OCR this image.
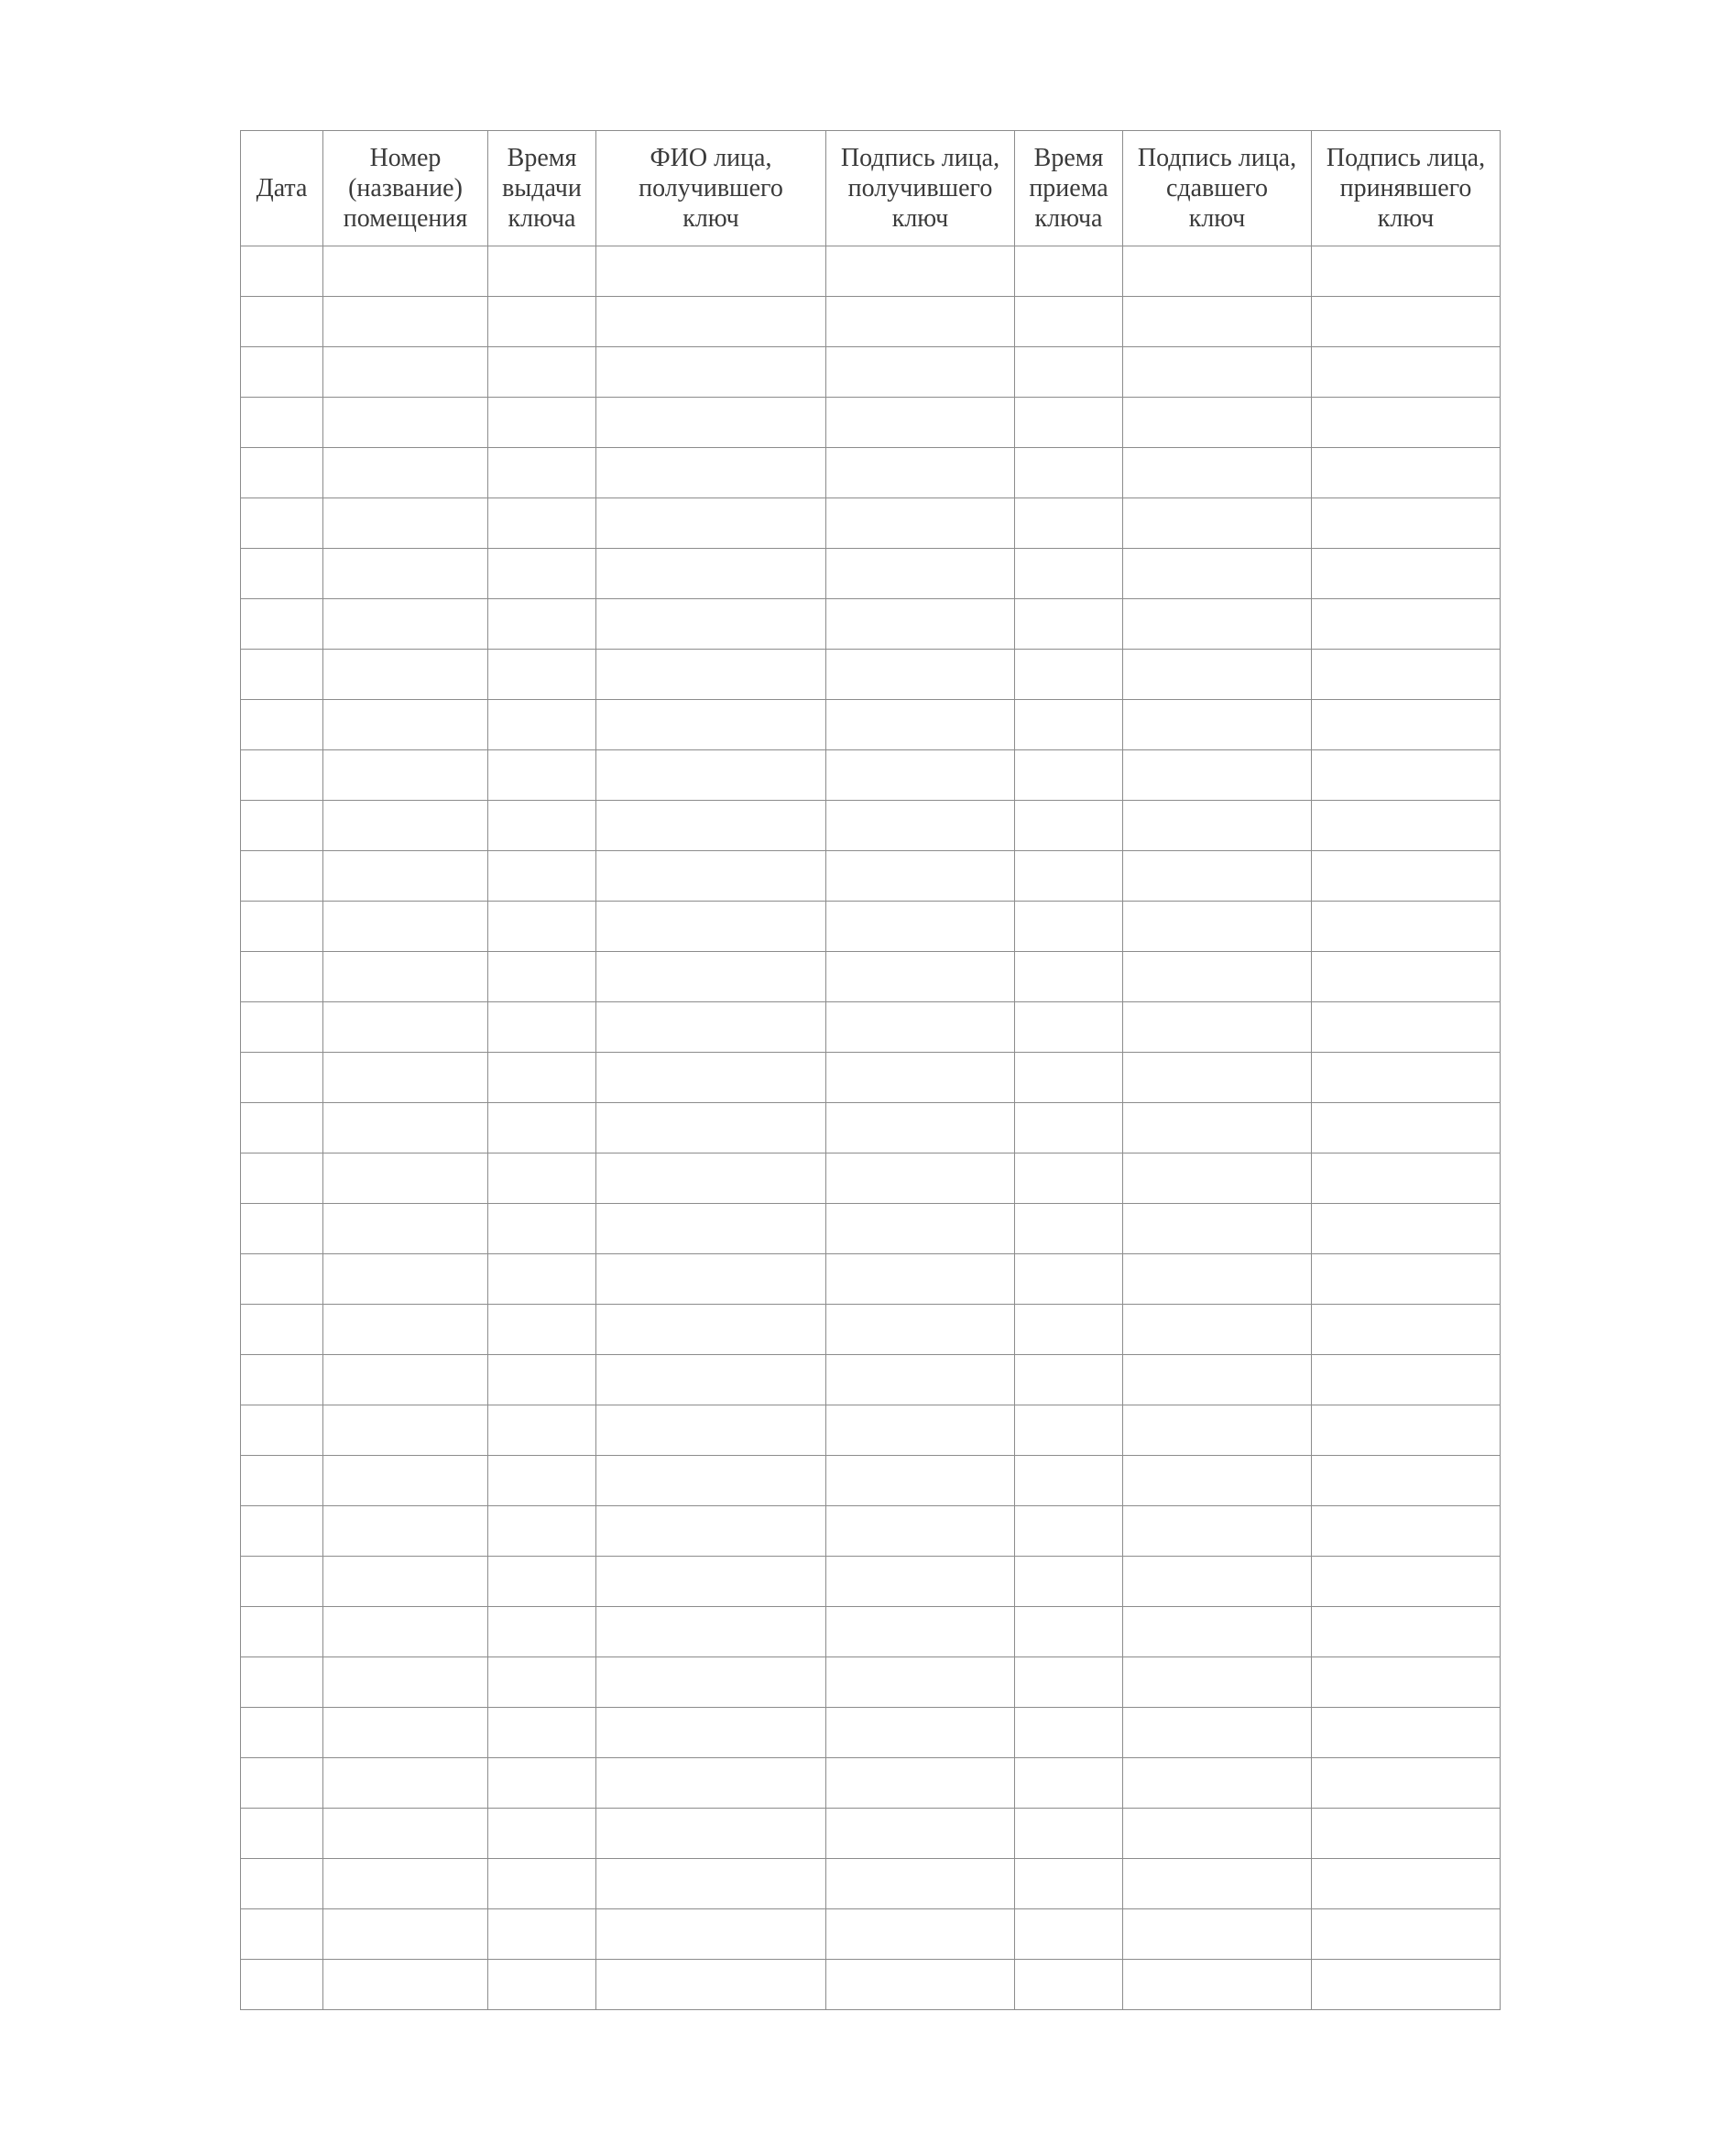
Дата	Номер
(название)
помещения	Время
выдачи
ключа	ФИО лица,
получившего
ключ	Подпись лица,
получившего
ключ	Время
приема
ключа	Подпись лица,
сдавшего
ключ	Подпись лица,
принявшего
ключ
